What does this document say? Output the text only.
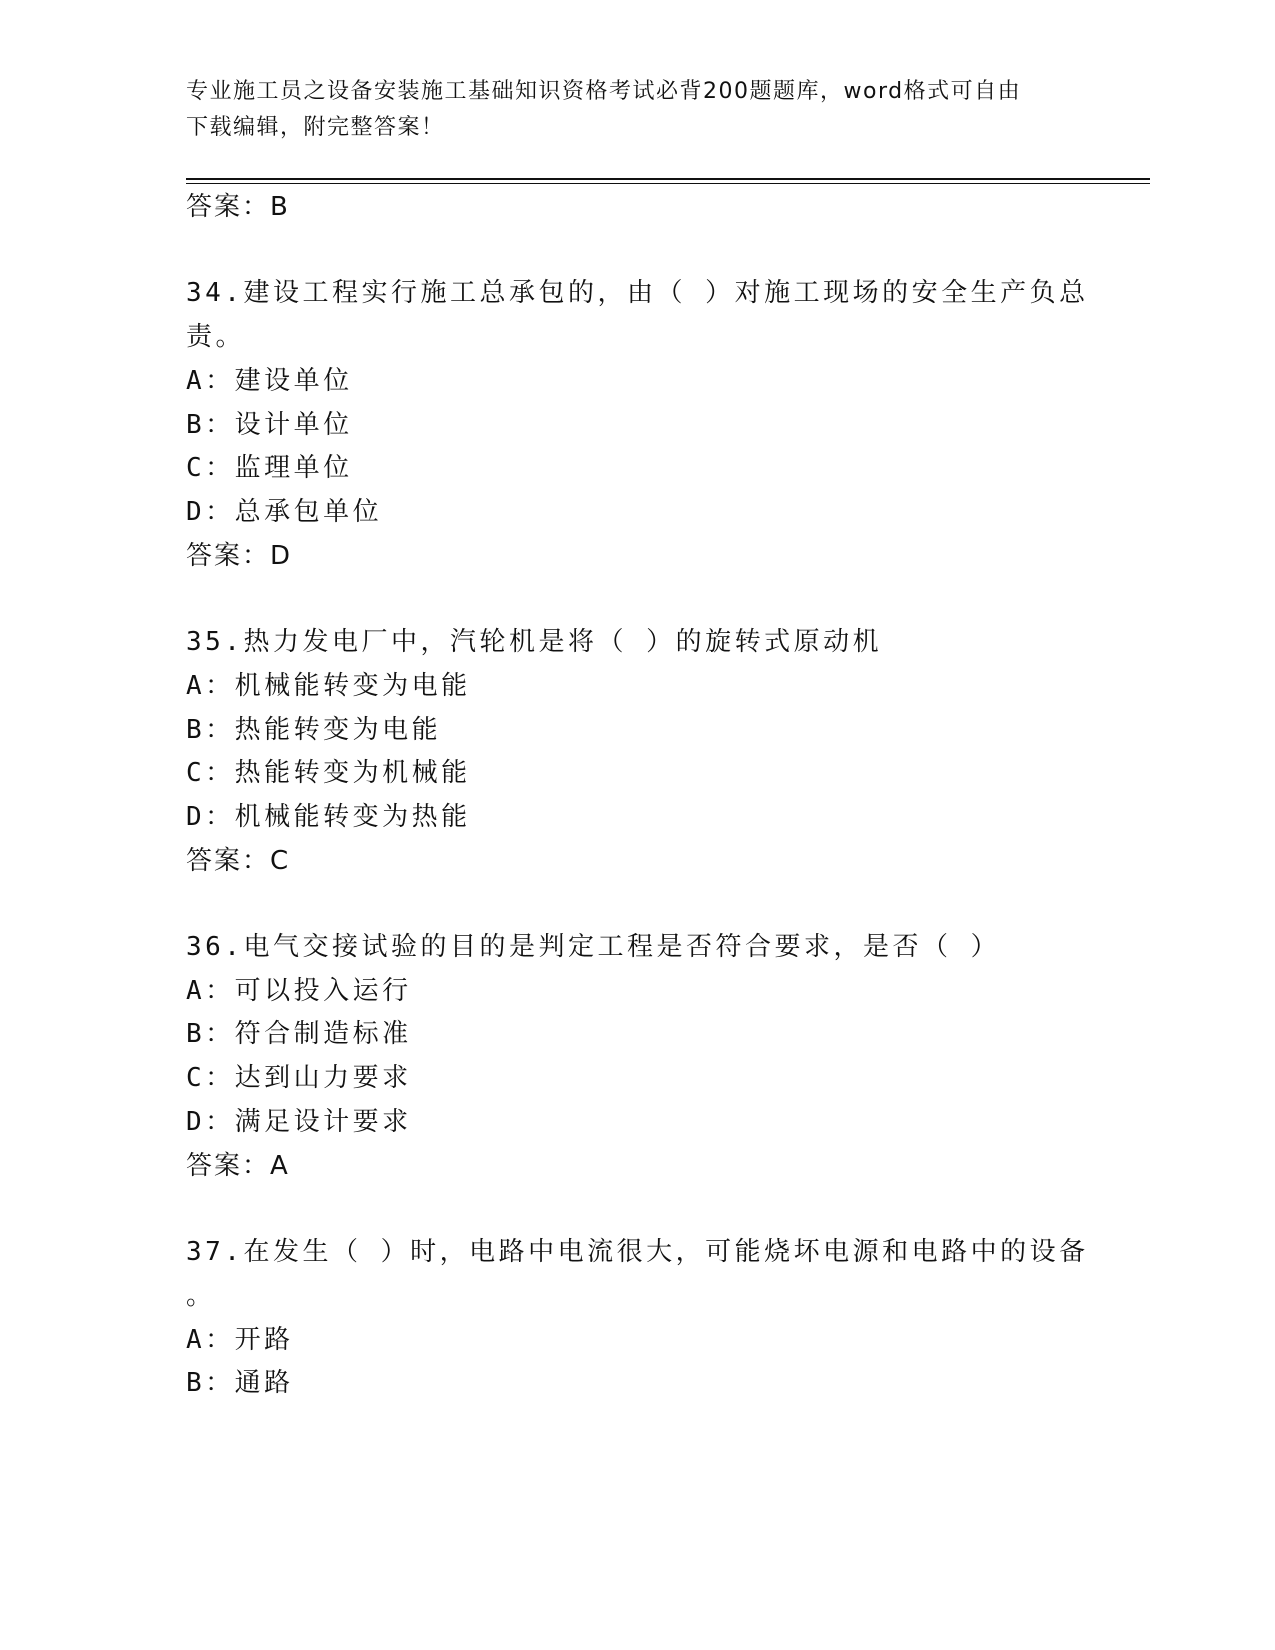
专业施工员之设备安装施工基础知识资格考试必背200题题库，word格式可自由
下载编辑，附完整答案！
答案：B
34.建设工程实行施工总承包的，由（ ）对施工现场的安全生产负总
责。
A：建设单位
B：设计单位
C：监理单位
D：总承包单位
答案：D
35.热力发电厂中，汽轮机是将（ ）的旋转式原动机
A：机械能转变为电能
B：热能转变为电能
C：热能转变为机械能
D：机械能转变为热能
答案：C
36.电气交接试验的目的是判定工程是否符合要求，是否（ ）
A：可以投入运行
B：符合制造标准
C：达到山力要求
D：满足设计要求
答案：A
37.在发生（ ）时，电路中电流很大，可能烧坏电源和电路中的设备
。
A：开路
B：通路
